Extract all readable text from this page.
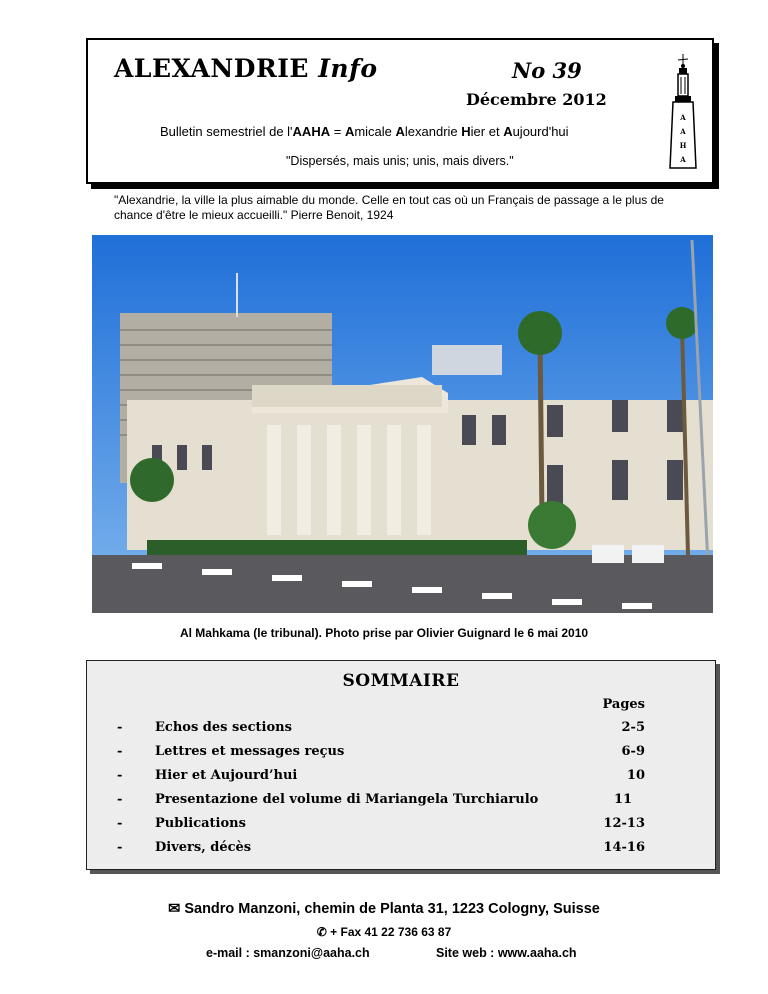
ALEXANDRIE Info	No 39
Décembre 2012
Bulletin semestriel de l'AAHA = Amicale Alexandrie Hier et Aujourd'hui
"Dispersés, mais unis; unis, mais divers."
A
A
H
A
"Alexandrie, la ville la plus aimable du monde. Celle en tout cas où un Français de passage a le plus de chance d'être le mieux accueilli." Pierre Benoit, 1924
Al Mahkama (le tribunal). Photo prise par Olivier Guignard le 6 mai 2010
SOMMAIRE
Pages
-	Echos des sections	2-5
-	Lettres et messages reçus	6-9
-	Hier et Aujourd’hui	10
-	Presentazione del volume di Mariangela Turchiarulo	11
-	Publications	12-13
-	Divers, décès	14-16
✉ Sandro Manzoni, chemin de Planta 31, 1223 Cologny, Suisse
✆ + Fax 41 22 736 63 87
e-mail : smanzoni@aaha.ch	Site web : www.aaha.ch
